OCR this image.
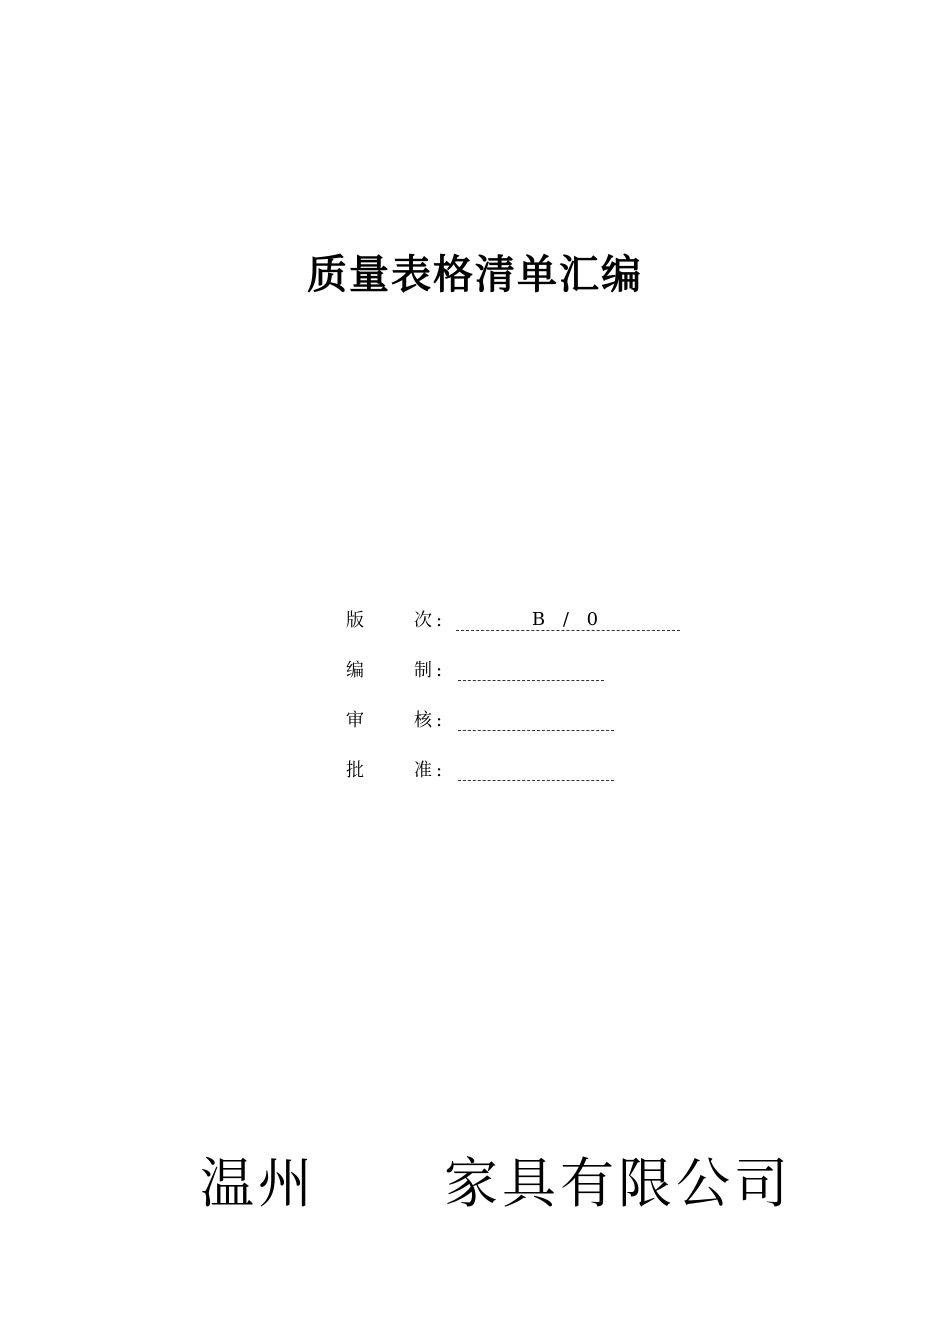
质量表格清单汇编
版	次 :	B / 0
编	制 :
审	核 :
批	准 :
温州 家具有限公司
